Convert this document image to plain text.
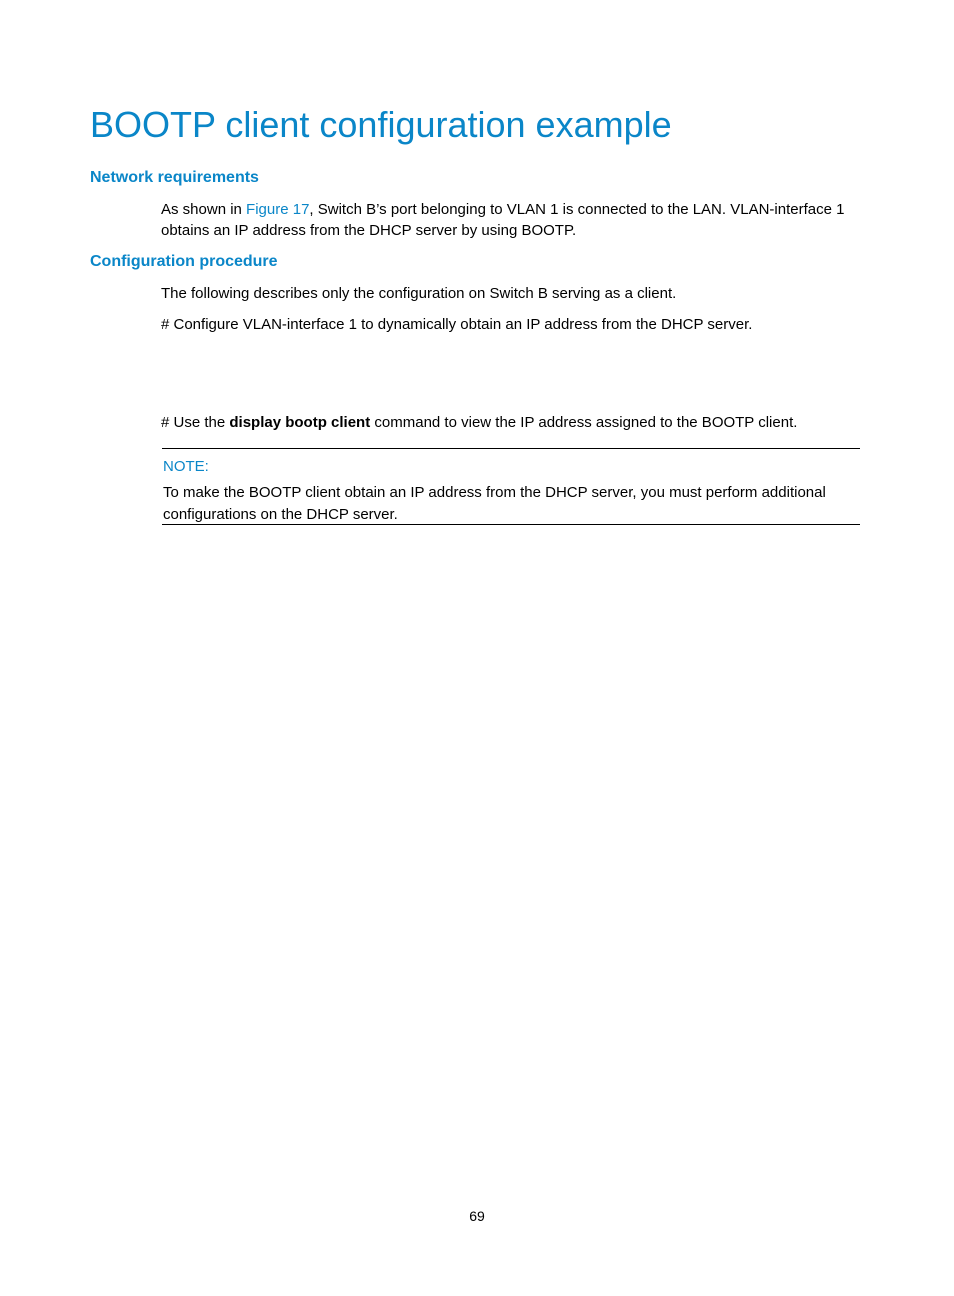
BOOTP client configuration example
Network requirements

As shown in Figure 17, Switch B’s port belonging to VLAN 1 is connected to the LAN. VLAN-interface 1 obtains an IP address from the DHCP server by using BOOTP.

Configuration procedure

The following describes only the configuration on Switch B serving as a client.

# Configure VLAN-interface 1 to dynamically obtain an IP address from the DHCP server.

# Use the display bootp client command to view the IP address assigned to the BOOTP client.

NOTE:

To make the BOOTP client obtain an IP address from the DHCP server, you must perform additional configurations on the DHCP server.

69
